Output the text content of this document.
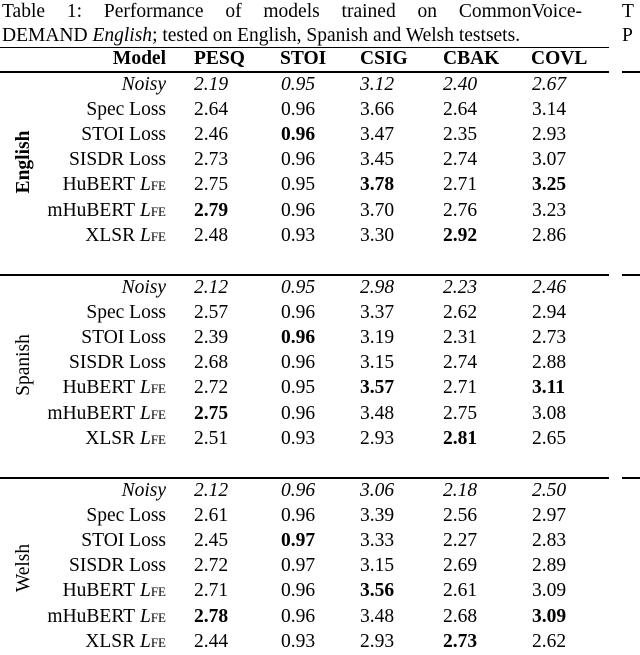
Table 1: Performance of models trained on CommonVoice-
DEMAND English; tested on English, Spanish and Welsh testsets.
T
P
Model PESQ STOI CSIG CBAK COVL
Noisy 2.19	0.95 3.12	2.40	2.67
Spec Loss 2.64	0.96 3.66	2.64	3.14
STOI Loss 2.46	0.96 3.47	2.35	2.93
SISDR Loss 2.73	0.96 3.45	2.74	3.07
HuBERT LFE 2.75	0.95 3.78	2.71	3.25
mHuBERT LFE 2.79	0.96 3.70	2.76	3.23
XLSR LFE 2.48	0.93 3.30	2.92	2.86
English
Noisy 2.12	0.95 2.98	2.23	2.46
Spec Loss 2.57	0.96 3.37	2.62	2.94
STOI Loss 2.39	0.96 3.19	2.31	2.73
SISDR Loss 2.68	0.96 3.15	2.74	2.88
HuBERT LFE 2.72	0.95 3.57	2.71	3.11
mHuBERT LFE 2.75	0.96 3.48	2.75	3.08
XLSR LFE 2.51	0.93 2.93	2.81	2.65
Spanish
Noisy 2.12	0.96 3.06	2.18	2.50
Spec Loss 2.61	0.96 3.39	2.56	2.97
STOI Loss 2.45	0.97 3.33	2.27	2.83
SISDR Loss 2.72	0.97 3.15	2.69	2.89
HuBERT LFE 2.71	0.96 3.56	2.61	3.09
mHuBERT LFE 2.78	0.96 3.48	2.68	3.09
XLSR LFE 2.44	0.93 2.93	2.73	2.62
Welsh
